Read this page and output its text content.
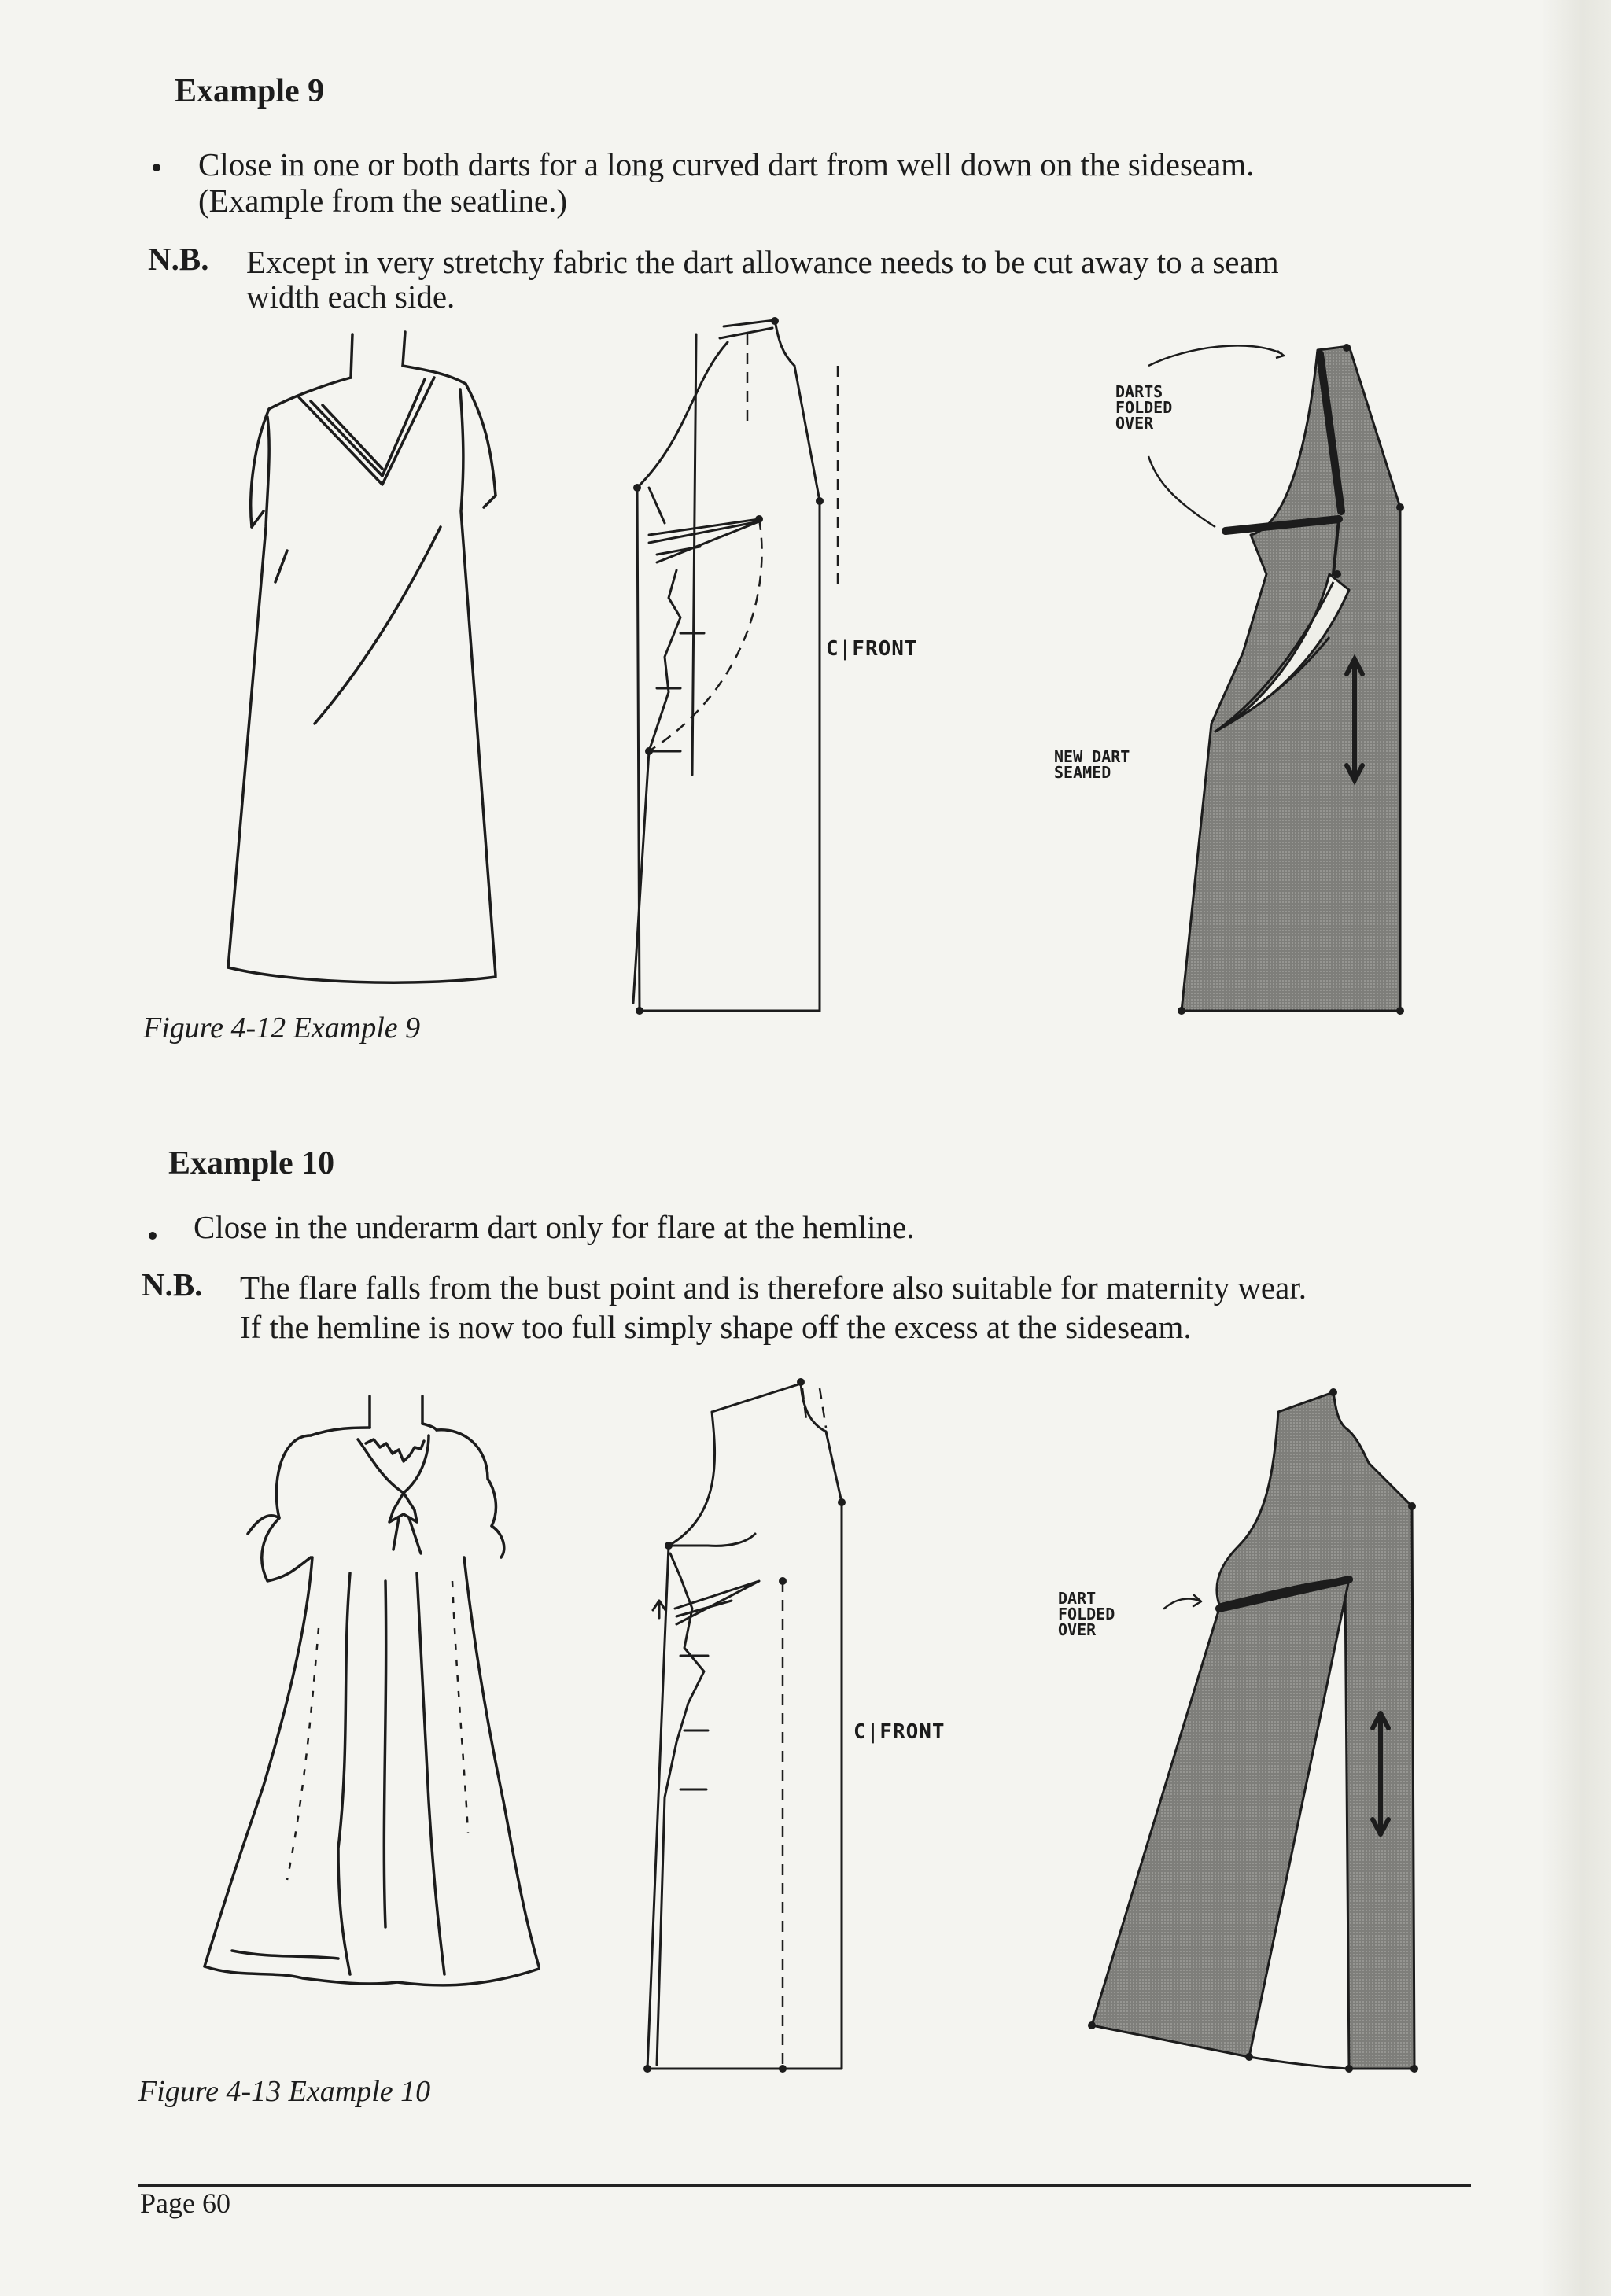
Example 9
Close in one or both darts for a long curved dart from well down on the sideseam.
(Example from the seatline.)
N.B. Except in very stretchy fabric the dart allowance needs to be cut away to a seam
width each side.
C|FRONT
DARTS
FOLDED
OVER
NEW DART
SEAMED
Figure 4-12 Example 9
Example 10
Close in the underarm dart only for flare at the hemline.
N.B. The flare falls from the bust point and is therefore also suitable for maternity wear.
If the hemline is now too full simply shape off the excess at the sideseam.
C|FRONT
DART
FOLDED
OVER
Figure 4-13 Example 10
Page 60
